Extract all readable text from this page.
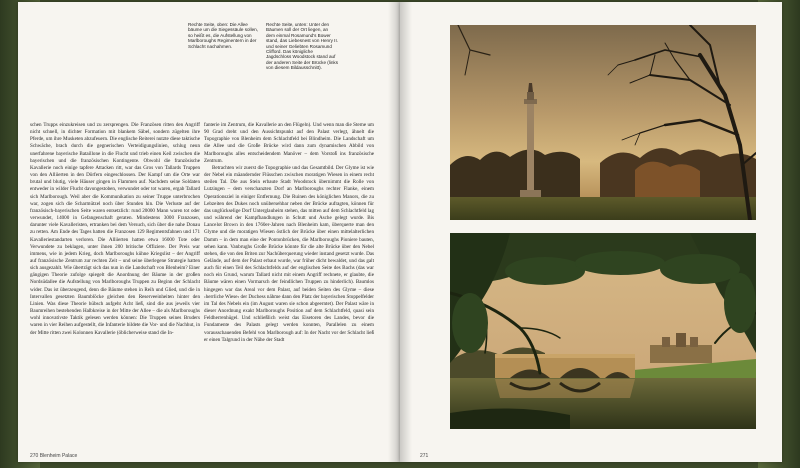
Rechte Seite, oben: Die Allee bäume um die Siegessäule sollen, so heißt es, die Aufstellung von Marlboroughs Regimentern in der Schlacht nachahmen.
Rechte Seite, unten: Unter den Bäumen soll der Ort liegen, an dem einmal Rosamund's Bower stand, das Liebesnest von Henry II. und seiner Geliebten Rosamund Clifford. Das königliche Jagdschloss Woodstock stand auf der anderen Seite der Brücke (links von diesem Bildausschnitt).

schen Trupps einzukreisen und zu zersprengen. Die Französen ritten den Angriff nicht schnell, in dichter Formation mit blankem Säbel, sondern zügelten ihre Pferde, um ihre Musketen abzufeuern. Die englische Reiterei nutzte diese taktische Schwäche, brach durch die gegnerischen Verteidigungslinien, schlug neun unerfahrene bayerische Bataillone in die Flucht und trieb einen Keil zwischen die bayerischen und die französischen Kontingente. Obwohl die französische Kavallerie noch einige tapfere Attacken ritt, war das Gros von Tallards Truppen von den Alliierten in den Dörfern eingeschlossen. Der Kampf um die Orte war brutal und blutig, viele Häuser gingen in Flammen auf. Nachdem seine Soldaten entweder in wilder Flucht davongestoben, verwundet oder tot waren, ergab Tallard sich Marlborough. Weil aber die Kommunikation zu seiner Truppe unterbrochen war, zogen sich die Scharmützel noch über Stunden hin. Die Verluste auf der französisch-bayerischen Seite waren entsetzlich: rund 20000 Mann waren tot oder verwundet, 14000 in Gefangenschaft geraten. Mindestens 3000 Franzosen, darunter viele Kavalleristen, ertranken bei dem Versuch, sich über die nahe Donau zu retten. Am Ende des Tages hatten die Franzosen 129 Regimentsfahnen und 171 Kavalleriestandarten verloren. Die Alliierten hatten etwa 16000 Tote oder Verwundete zu beklagen, unter ihnen 200 britische Offiziere. Der Preis war immens, wie in jedem Krieg, doch Marlboroughs kühne Kriegslist – der Angriff auf französische Zentrum zur rechten Zeit – und seine überlegene Strategie hatten sich ausgezahlt. Wie überträgt sich das nun in die Landschaft von Blenheim? Einer gängigen Theorie zufolge spiegelt die Anordnung der Bäume in der großen Nordsüdallee die Aufstellung von Marlboroughs Truppen zu Beginn der Schlacht wider. Das ist überzeugend, denn die Bäume stehen in Reih und Glied, und die in Intervallen gesetzten Baumblöcke gleichen den Reserveeinheiten hinter den Linien. Was diese Theorie hübsch aufgeht Acht ließ, sind die aus jeweils vier Baumreihen bestehenden Halbkreise in der Mitte der Allee – die als Marlboroughs wohl innovativste Taktik gelesen werden können: Die Truppen seines Bruders waren in vier Reihen aufgestellt, die Infanterie bildete die Vor- und die Nachhut, in der Mitte ritten zwei Kolonnen Kavallerie (öblicherweise stand die In-

fanterie im Zentrum, die Kavallerie an den Flügeln). Und wenn man die Sterne um 90 Grad dreht und den Aussichtspunkt auf den Palast verlegt, ähnelt die Topographie von Blenheim dem Schlachtfeld bei Blindheim. Die Landschaft um die Allee und die Große Brücke wird dann zum dynamischen Abbild von Marlboroughs alles entscheidendem Manöver – dem Vorstoß ins französische Zentrum.

Betrachten wir zuerst die Topographie und das Gesamtbild. Der Glyme ist wie der Nebel ein mäandernder Flüsschen zwischen moratigen Wiesen in einem recht steilen Tal. Die aus Stein erbaute Stadt Woodstock übernimmt die Rolle von Lutzingen – dem verschanzten Dorf an Marlboroughs rechter Flanke, einem Operationsziel in einiger Entfernung. Die Ruinen des königlichen Manors, die zu Lebzeiten des Dukes noch unübersehbar neben der Brücke aufragten, können für das unglückselige Dorf Unterglauheim stehen, das mitten auf dem Schlachtfeld lag und während der Kampfhandlungen in Schutt und Asche gelegt wurde. Bis Lancelot Brown in den 1760er-Jahren nach Blenheim kam, überquerte man den Glyme und die moratigen Wiesen östlich der Brücke über einen mittelalterlichen Damm – in dem man eine der Pontonbrücken, die Marlboroughs Pioniere bauten, sehen kann. Vanbrughs Große Brücke könnte für die alte Brücke über den Nebel stehen, die von den Briten zur Nachüberquerung wieder instand gesetzt wurde. Das Gelände, auf dem der Palast erbaut wurde, war früher dicht bewaldet, und das galt auch für einen Teil des Schlachtfelds auf der englischen Seite des Bachs (das war noch ein Grund, warum Tallard nicht mit einem Angriff rechnete, er glaubte, die Bäume wären einen Vormarsch der feindlichen Truppen zu hinderlich). Baumlos hingegen war das Areal vor dem Palast, auf beiden Seiten des Glyme – diese ›herrliche Wiese‹ der Duchess nähme dann den Platz der bayerischen Stoppelfelder im Tal des Nebels ein (im August waren sie schon abgeerntet). Der Palast wäre in dieser Anordnung exakt Marlboroughs Position auf dem Schlachtfeld, quasi sein Feldherrenhügel. Und schließlich weist das Eisetoren des Landes, bevor die Fundamente des Palasts gelegt werden konnten, Parallelen zu einem vorausschauenden Befehl von Marlborough auf: In der Nacht vor der Schlacht ließ er einen Talgrund in der Nähe der Stadt

270 Blenheim Palace	271
